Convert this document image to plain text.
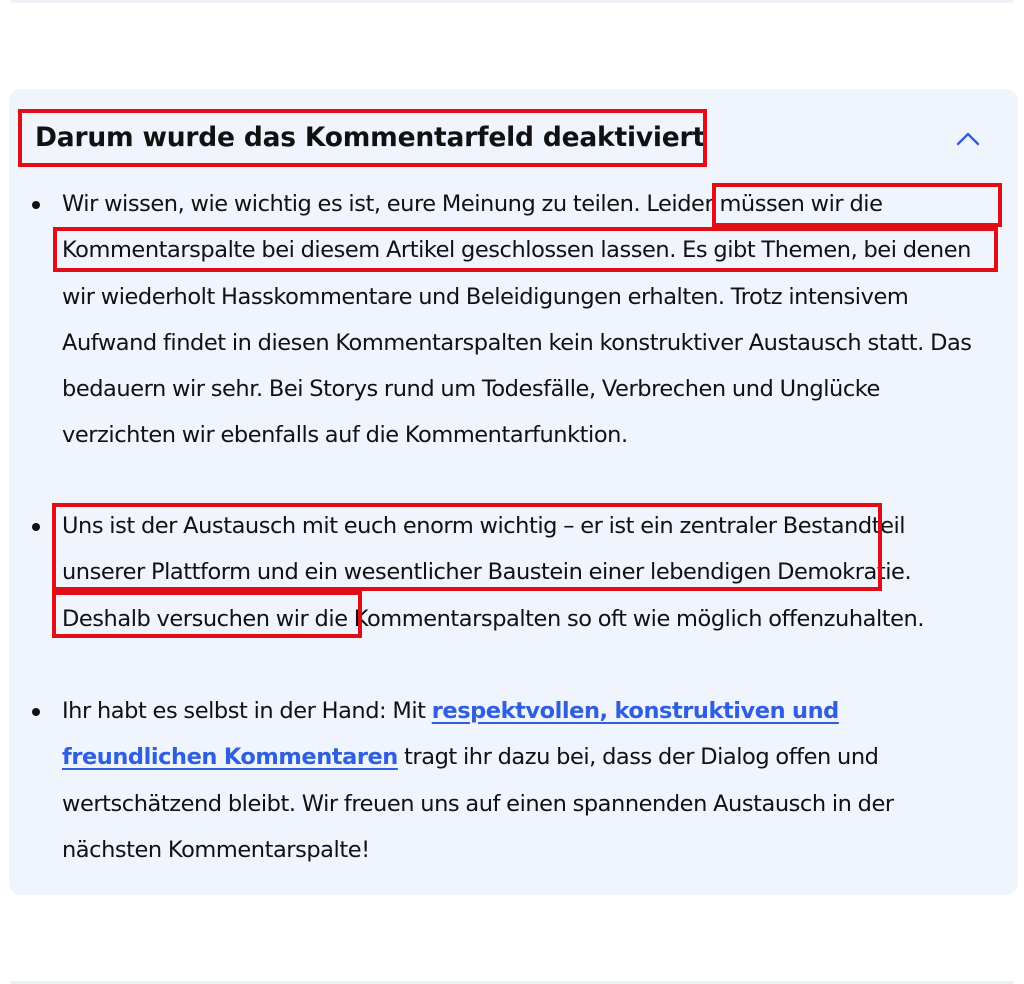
Darum wurde das Kommentarfeld deaktiviert

Wir wissen, wie wichtig es ist, eure Meinung zu teilen. Leider müssen wir die Kommentarspalte bei diesem Artikel geschlossen lassen. Es gibt Themen, bei denen wir wiederholt Hasskommentare und Beleidigungen erhalten. Trotz intensivem Aufwand findet in diesen Kommentarspalten kein konstruktiver Austausch statt. Das bedauern wir sehr. Bei Storys rund um Todesfälle, Verbrechen und Unglücke verzichten wir ebenfalls auf die Kommentarfunktion.

Uns ist der Austausch mit euch enorm wichtig – er ist ein zentraler Bestandteil unserer Plattform und ein wesentlicher Baustein einer lebendigen Demokratie. Deshalb versuchen wir die Kommentarspalten so oft wie möglich offenzuhalten.

Ihr habt es selbst in der Hand: Mit respektvollen, konstruktiven und freundlichen Kommentaren tragt ihr dazu bei, dass der Dialog offen und wertschätzend bleibt. Wir freuen uns auf einen spannenden Austausch in der nächsten Kommentarspalte!
